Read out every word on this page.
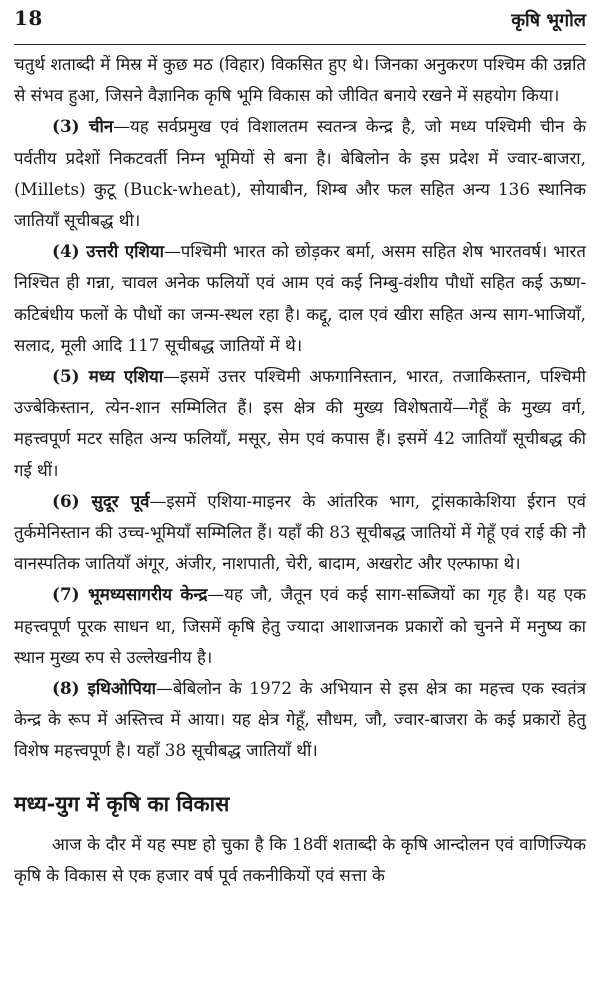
18	कृषि भूगोल

चतुर्थ शताब्दी में मिस्र में कुछ मठ (विहार) विकसित हुए थे। जिनका अनुकरण पश्चिम की उन्नति से संभव हुआ, जिसने वैज्ञानिक कृषि भूमि विकास को जीवित बनाये रखने में सहयोग किया।

(3) चीन—यह सर्वप्रमुख एवं विशालतम स्वतन्त्र केन्द्र है, जो मध्य पश्चिमी चीन के पर्वतीय प्रदेशों निकटवर्ती निम्न भूमियों से बना है। बेबिलोन के इस प्रदेश में ज्वार-बाजरा,(Millets) कुटू (Buck-wheat), सोयाबीन, शिम्ब और फल सहित अन्य 136 स्थानिक जातियाँ सूचीबद्ध थी।

(4) उत्तरी एशिया—पश्चिमी भारत को छोड़कर बर्मा, असम सहित शेष भारतवर्ष। भारत निश्चित ही गन्ना, चावल अनेक फलियों एवं आम एवं कई निम्बु-वंशीय पौधों सहित कई ऊष्ण-कटिबंधीय फलों के पौधों का जन्म-स्थल रहा है। कद्दू, दाल एवं खीरा सहित अन्य साग-भाजियाँ, सलाद, मूली आदि 117 सूचीबद्ध जातियों में थे।

(5) मध्य एशिया—इसमें उत्तर पश्चिमी अफगानिस्तान, भारत, तजाकिस्तान, पश्चिमी उज्बेकिस्तान, त्येन-शान सम्मिलित हैं। इस क्षेत्र की मुख्य विशेषतायें—गेहूँ के मुख्य वर्ग, महत्त्वपूर्ण मटर सहित अन्य फलियाँ, मसूर, सेम एवं कपास हैं। इसमें 42 जातियाँ सूचीबद्ध की गई थीं।

(6) सुदूर पूर्व—इसमें एशिया-माइनर के आंतरिक भाग, ट्रांसकाकेशिया ईरान एवं तुर्कमेनिस्तान की उच्च-भूमियाँ सम्मिलित हैं। यहाँ की 83 सूचीबद्ध जातियों में गेहूँ एवं राई की नौ वानस्पतिक जातियाँ अंगूर, अंजीर, नाशपाती, चेरी, बादाम, अखरोट और एल्फाफा थे।

(7) भूमध्यसागरीय केन्द्र—यह जौ, जैतून एवं कई साग-सब्जियों का गृह है। यह एक महत्त्वपूर्ण पूरक साधन था, जिसमें कृषि हेतु ज्यादा आशाजनक प्रकारों को चुनने में मनुष्य का स्थान मुख्य रुप से उल्लेखनीय है।

(8) इथिओपिया—बेबिलोन के 1972 के अभियान से इस क्षेत्र का महत्त्व एक स्वतंत्र केन्द्र के रूप में अस्तित्त्व में आया। यह क्षेत्र गेहूँ, सौधम, जौ, ज्वार-बाजरा के कई प्रकारों हेतु विशेष महत्त्वपूर्ण है। यहाँ 38 सूचीबद्ध जातियाँ थीं।

मध्य-युग में कृषि का विकास

आज के दौर में यह स्पष्ट हो चुका है कि 18वीं शताब्दी के कृषि आन्दोलन एवं वाणिज्यिक कृषि के विकास से एक हजार वर्ष पूर्व तकनीकियों एवं सत्ता के
